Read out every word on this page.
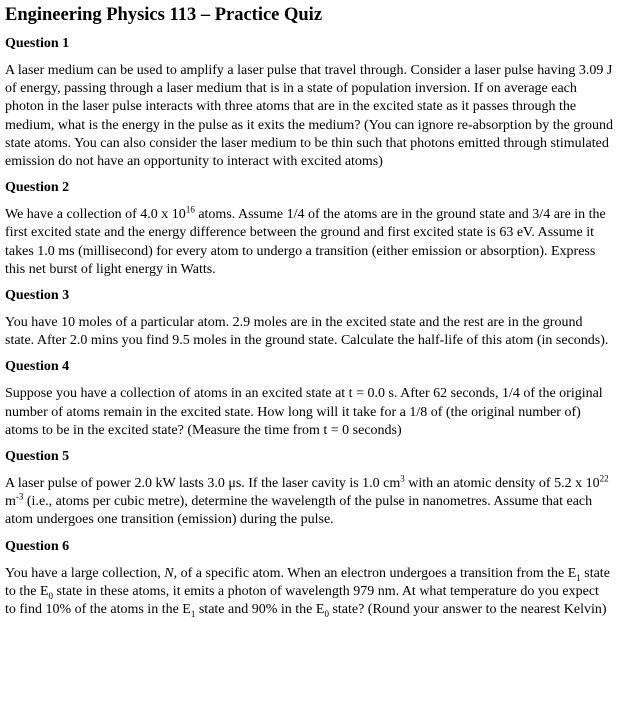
Engineering Physics 113 – Practice Quiz
Question 1
A laser medium can be used to amplify a laser pulse that travel through. Consider a laser pulse having 3.09 J of energy, passing through a laser medium that is in a state of population inversion. If on average each photon in the laser pulse interacts with three atoms that are in the excited state as it passes through the medium, what is the energy in the pulse as it exits the medium? (You can ignore re-absorption by the ground state atoms. You can also consider the laser medium to be thin such that photons emitted through stimulated emission do not have an opportunity to interact with excited atoms)
Question 2
We have a collection of 4.0 x $10^{16}$ atoms. Assume 1/4 of the atoms are in the ground state and 3/4 are in the first excited state and the energy difference between the ground and first excited state is 63 eV. Assume it takes 1.0 ms (millisecond) for every atom to undergo a transition (either emission or absorption). Express this net burst of light energy in Watts.
Question 3
You have 10 moles of a particular atom. 2.9 moles are in the excited state and the rest are in the ground state. After 2.0 mins you find 9.5 moles in the ground state. Calculate the half-life of this atom (in seconds).
Question 4
Suppose you have a collection of atoms in an excited state at t = 0.0 s. After 62 seconds, 1/4 of the original number of atoms remain in the excited state. How long will it take for a 1/8 of (the original number of) atoms to be in the excited state? (Measure the time from t = 0 seconds)
Question 5
A laser pulse of power 2.0 kW lasts 3.0 μs. If the laser cavity is 1.0 $cm^3$ with an atomic density of 5.2 x $10^{22}$ $m^{-3}$ (i.e., atoms per cubic metre), determine the wavelength of the pulse in nanometres. Assume that each atom undergoes one transition (emission) during the pulse.
Question 6
You have a large collection, N, of a specific atom. When an electron undergoes a transition from the $E_1$ state to the $E_0$ state in these atoms, it emits a photon of wavelength 979 nm. At what temperature do you expect to find 10% of the atoms in the $E_1$ state and 90% in the $E_0$ state? (Round your answer to the nearest Kelvin)
